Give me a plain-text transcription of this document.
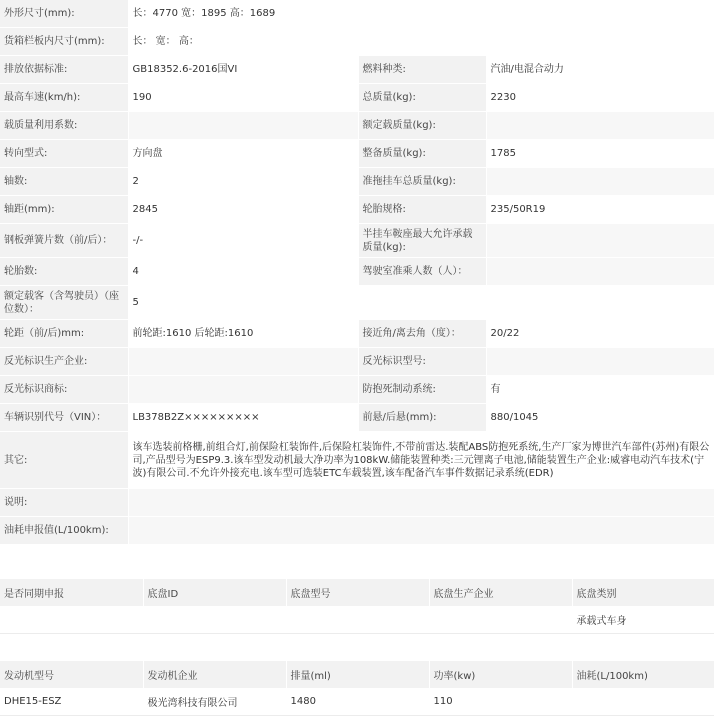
外形尺寸(mm):	长：4770 宽：1895 高：1689		
货箱栏板内尺寸(mm):	长： 宽： 高：		
排放依据标准:	GB18352.6-2016国VI	燃料种类:	汽油/电混合动力
最高车速(km/h):	190	总质量(kg):	2230
载质量利用系数:		额定载质量(kg):	
转向型式:	方向盘	整备质量(kg):	1785
轴数:	2	准拖挂车总质量(kg):	
轴距(mm):	2845	轮胎规格:	235/50R19
钢板弹簧片数（前/后）：	-/-	半挂车鞍座最大允许承载质量(kg):	
轮胎数:	4	驾驶室准乘人数（人）：	
额定载客（含驾驶员）（座位数）：	5		
轮距（前/后)mm:	前轮距:1610 后轮距:1610	接近角/离去角（度）：	20/22
反光标识生产企业:		反光标识型号:	
反光标识商标:		防抱死制动系统:	有
车辆识别代号（VIN）：	LB378B2Z×××××××××	前悬/后悬(mm):	880/1045
其它:	该车选装前格栅,前组合灯,前保险杠装饰件,后保险杠装饰件,不带前雷达.装配ABS防抱死系统,生产厂家为博世汽车部件(苏州)有限公司,产品型号为ESP9.3.该车型发动机最大净功率为108kW.储能装置种类:三元锂离子电池,储能装置生产企业:威睿电动汽车技术(宁波)有限公司.不允许外接充电.该车型可选装ETC车载装置,该车配备汽车事件数据记录系统(EDR)		
说明:			
油耗申报值(L/100km):			
是否同期申报	底盘ID	底盘型号	底盘生产企业	底盘类别
				承载式车身
发动机型号	发动机企业	排量(ml)	功率(kw)	油耗(L/100km)
DHE15-ESZ	极光湾科技有限公司	1480	110	
